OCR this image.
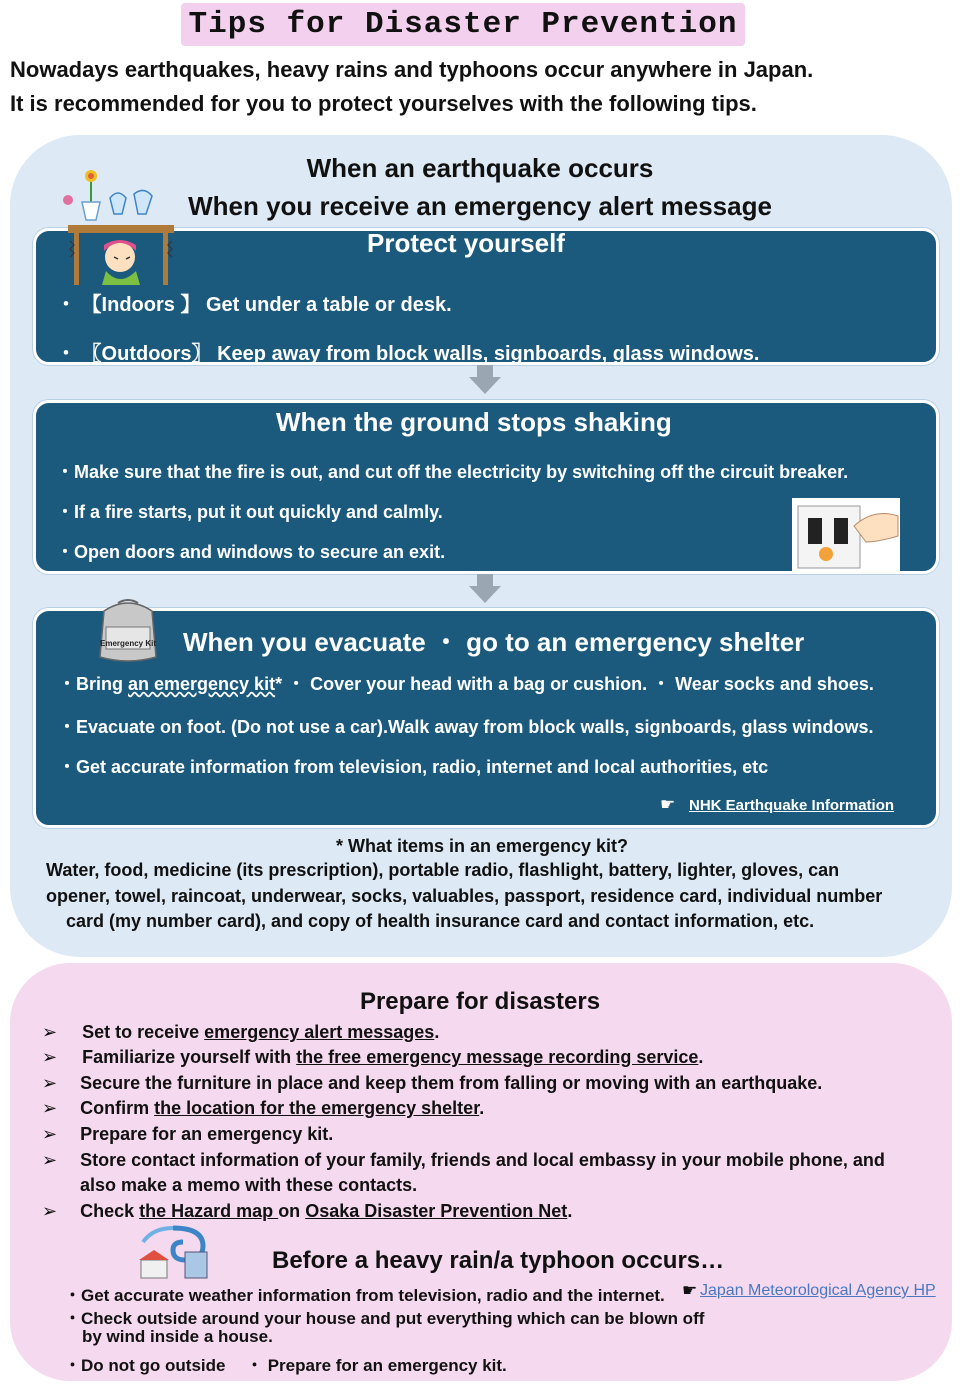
Tips for Disaster Prevention
Nowadays earthquakes, heavy rains and typhoons occur anywhere in Japan.
It is recommended for you to protect yourselves with the following tips.
When an earthquake occurs
When you receive an emergency alert message
Protect yourself
・ 【Indoors 】 Get under a table or desk.
・ 〖Outdoors〗 Keep away from block walls, signboards, glass windows.
When the ground stops shaking
・Make sure that the fire is out, and cut off the electricity by switching off the circuit breaker.
・If a fire starts, put it out quickly and calmly.
・Open doors and windows to secure an exit.
Emergency Kit When you evacuate ・ go to an emergency shelter
・Bring an emergency kit* ・ Cover your head with a bag or cushion. ・ Wear socks and shoes.
・Evacuate on foot. (Do not use a car).Walk away from block walls, signboards, glass windows.
・Get accurate information from television, radio, internet and local authorities, etc
☛ NHK Earthquake Information
* What items in an emergency kit?
Water, food, medicine (its prescription), portable radio, flashlight, battery, lighter, gloves, can
opener, towel, raincoat, underwear, socks, valuables, passport, residence card, individual number
card (my number card), and copy of health insurance card and contact information, etc.
Prepare for disasters
➢ Set to receive emergency alert messages.
➢ Familiarize yourself with the free emergency message recording service.
➢ Secure the furniture in place and keep them from falling or moving with an earthquake.
➢ Confirm the location for the emergency shelter.
➢ Prepare for an emergency kit.
➢ Store contact information of your family, friends and local embassy in your mobile phone, and
also make a memo with these contacts.
➢ Check the Hazard map on Osaka Disaster Prevention Net.
Before a heavy rain/a typhoon occurs…
・Get accurate weather information from television, radio and the internet. ☛ Japan Meteorological Agency HP
・Check outside around your house and put everything which can be blown off
by wind inside a house.
・Do not go outside ・ Prepare for an emergency kit.
